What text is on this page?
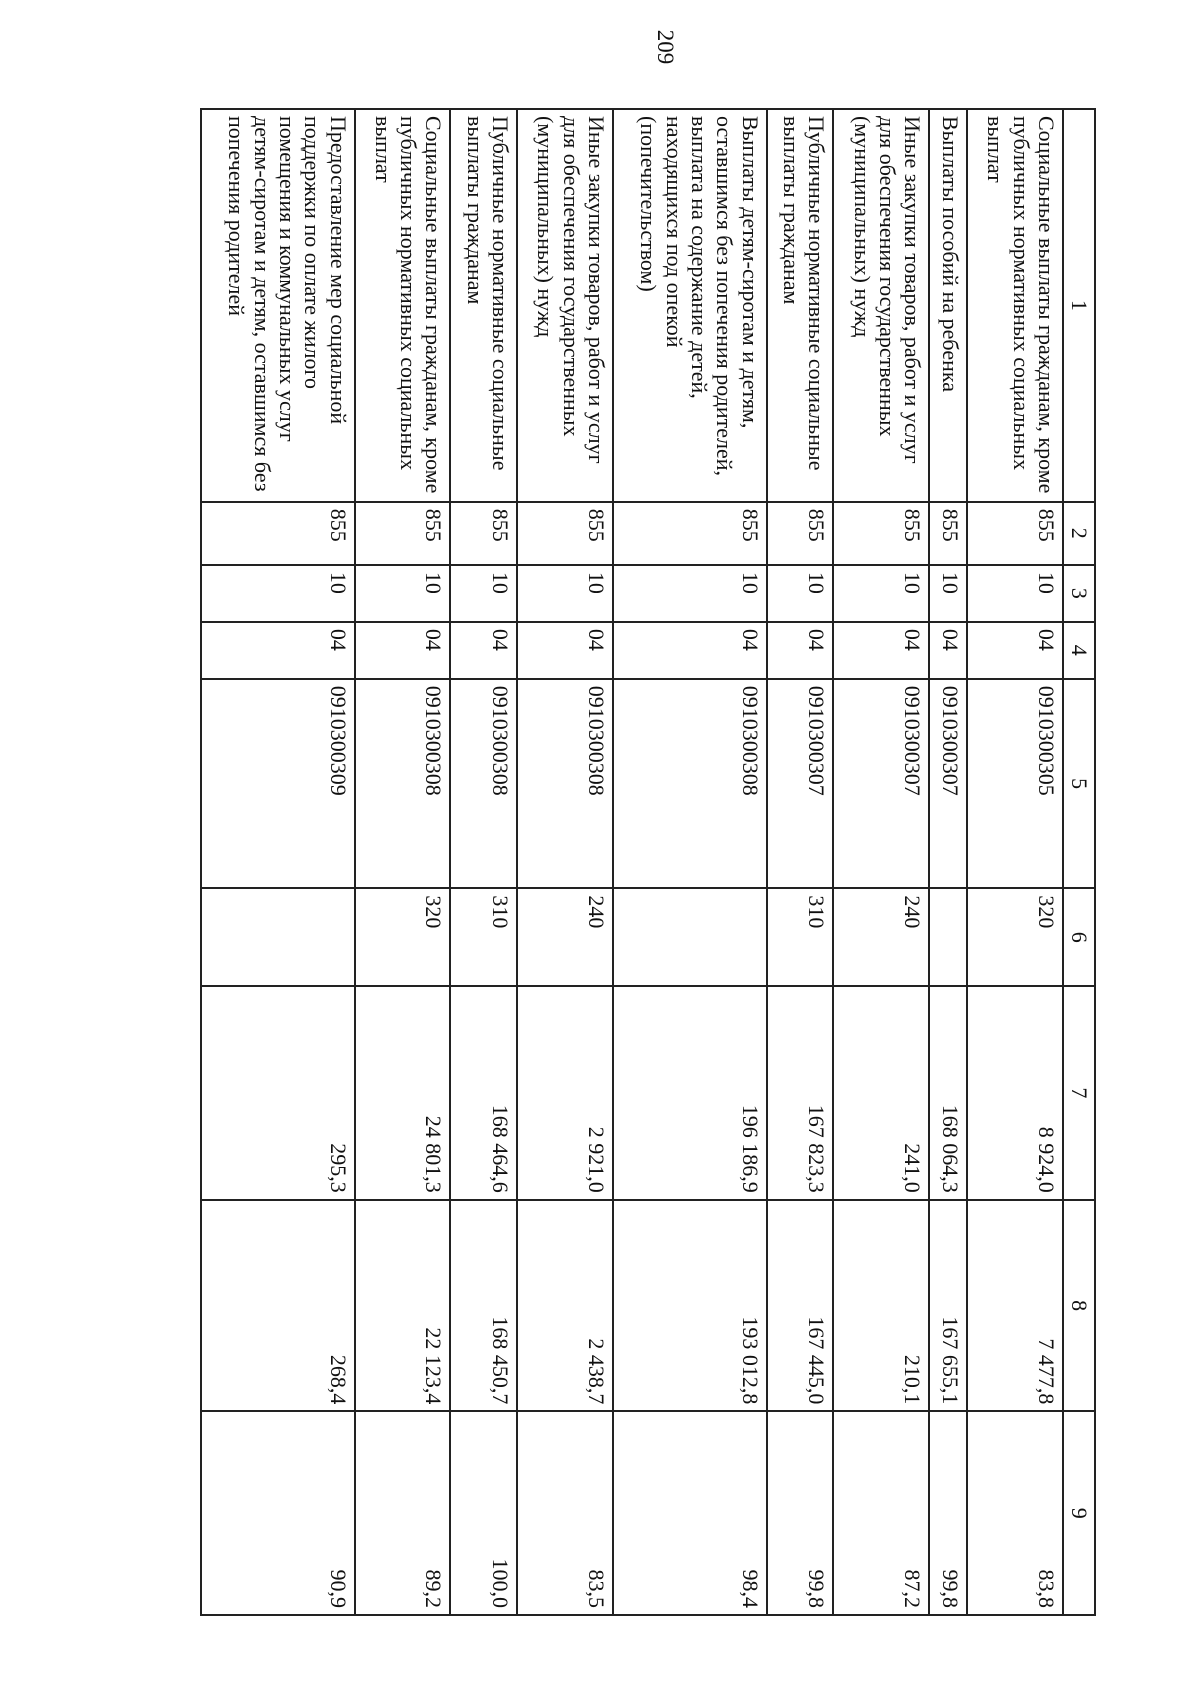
209
1	2	3	4	5	6	7	8	9
Социальные выплаты гражданам, кроме публичных нормативных социальных выплат	855	10	04	0910300305	320	8 924,0	7 477,8	83,8
Выплаты пособий на ребенка	855	10	04	0910300307		168 064,3	167 655,1	99,8
Иные закупки товаров, работ и услуг для обеспечения государственных (муниципальных) нужд	855	10	04	0910300307	240	241,0	210,1	87,2
Публичные нормативные социальные выплаты гражданам	855	10	04	0910300307	310	167 823,3	167 445,0	99,8
Выплаты детям-сиротам и детям, оставшимся без попечения родителей, выплата на содержание детей, находящихся под опекой (попечительством)	855	10	04	0910300308		196 186,9	193 012,8	98,4
Иные закупки товаров, работ и услуг для обеспечения государственных (муниципальных) нужд	855	10	04	0910300308	240	2 921,0	2 438,7	83,5
Публичные нормативные социальные выплаты гражданам	855	10	04	0910300308	310	168 464,6	168 450,7	100,0
Социальные выплаты гражданам, кроме публичных нормативных социальных выплат	855	10	04	0910300308	320	24 801,3	22 123,4	89,2
Предоставление мер социальной поддержки по оплате жилого помещения и коммунальных услуг детям-сиротам и детям, оставшимся без попечения родителей	855	10	04	0910300309		295,3	268,4	90,9
